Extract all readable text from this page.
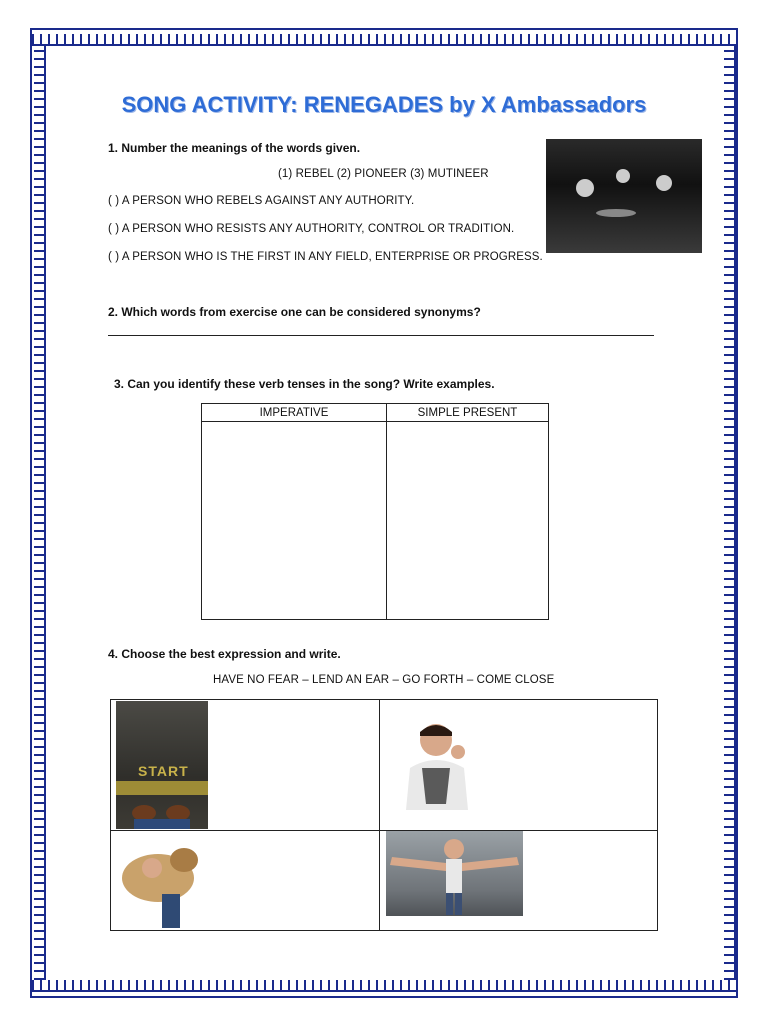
SONG ACTIVITY: RENEGADES by X Ambassadors
1. Number the meanings of the words given.
(1) REBEL (2) PIONEER (3) MUTINEER
( ) A PERSON WHO REBELS AGAINST ANY AUTHORITY.
( ) A PERSON WHO RESISTS ANY AUTHORITY, CONTROL OR TRADITION.
( ) A PERSON WHO IS THE FIRST IN ANY FIELD, ENTERPRISE OR PROGRESS.
2. Which words from exercise one can be considered synonyms?
3. Can you identify these verb tenses in the song? Write examples.
IMPERATIVE	SIMPLE PRESENT

4. Choose the best expression and write.
HAVE NO FEAR – LEND AN EAR – GO FORTH – COME CLOSE
START
